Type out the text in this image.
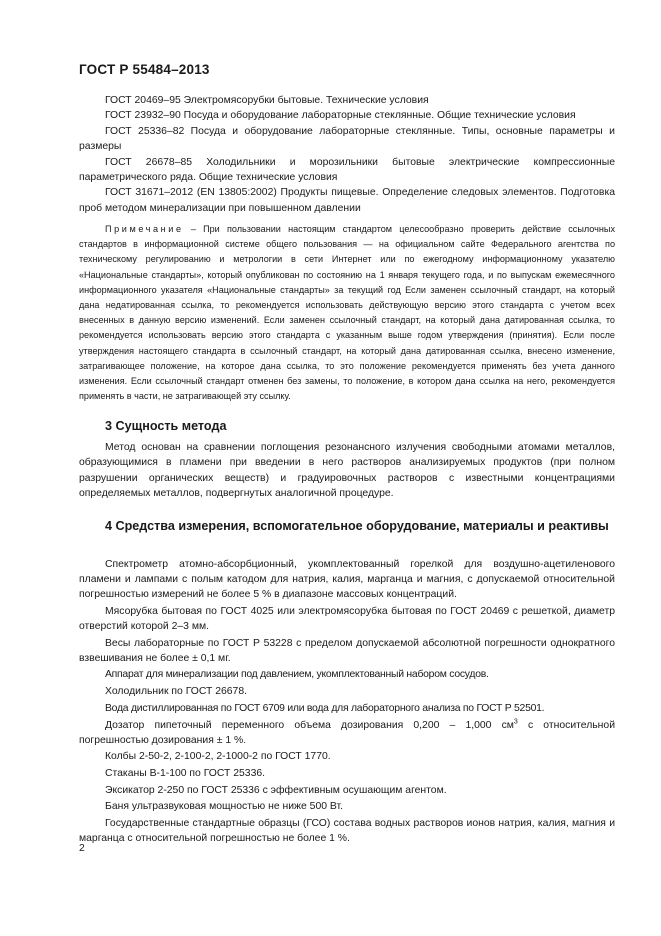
ГОСТ Р 55484–2013

ГОСТ 20469–95 Электромясорубки бытовые. Технические условия

ГОСТ 23932–90 Посуда и оборудование лабораторные стеклянные. Общие технические условия

ГОСТ 25336–82 Посуда и оборудование лабораторные стеклянные. Типы, основные параметры и размеры

ГОСТ 26678–85 Холодильники и морозильники бытовые электрические компрессионные параметрического ряда. Общие технические условия

ГОСТ 31671–2012 (EN 13805:2002) Продукты пищевые. Определение следовых элементов. Подготовка проб методом минерализации при повышенном давлении

Примечание – При пользовании настоящим стандартом целесообразно проверить действие ссылочных стандартов в информационной системе общего пользования — на официальном сайте Федерального агентства по техническому регулированию и метрологии в сети Интернет или по ежегодному информационному указателю «Национальные стандарты», который опубликован по состоянию на 1 января текущего года, и по выпускам ежемесячного информационного указателя «Национальные стандарты» за текущий год Если заменен ссылочный стандарт, на который дана недатированная ссылка, то рекомендуется использовать действующую версию этого стандарта с учетом всех внесенных в данную версию изменений. Если заменен ссылочный стандарт, на который дана датированная ссылка, то рекомендуется использовать версию этого стандарта с указанным выше годом утверждения (принятия). Если после утверждения настоящего стандарта в ссылочный стандарт, на который дана датированная ссылка, внесено изменение, затрагивающее положение, на которое дана ссылка, то это положение рекомендуется применять без учета данного изменения. Если ссылочный стандарт отменен без замены, то положение, в котором дана ссылка на него, рекомендуется применять в части, не затрагивающей эту ссылку.

3 Сущность метода

Метод основан на сравнении поглощения резонансного излучения свободными атомами металлов, образующимися в пламени при введении в него растворов анализируемых продуктов (при полном разрушении органических веществ) и градуировочных растворов с известными концентрациями определяемых металлов, подвергнутых аналогичной процедуре.

4 Средства измерения, вспомогательное оборудование, материалы и реактивы

Спектрометр атомно-абсорбционный, укомплектованный горелкой для воздушно-ацетиленового пламени и лампами с полым катодом для натрия, калия, марганца и магния, с допускаемой относительной погрешностью измерений не более 5 % в диапазоне массовых концентраций.

Мясорубка бытовая по ГОСТ 4025 или электромясорубка бытовая по ГОСТ 20469 с решеткой, диаметр отверстий которой 2–3 мм.

Весы лабораторные по ГОСТ Р 53228 с пределом допускаемой абсолютной погрешности однократного взвешивания не более ± 0,1 мг.

Аппарат для минерализации под давлением, укомплектованный набором сосудов.

Холодильник по ГОСТ 26678.

Вода дистиллированная по ГОСТ 6709 или вода для лабораторного анализа по ГОСТ Р 52501.

Дозатор пипеточный переменного объема дозирования 0,200 – 1,000 $см^3$ с относительной погрешностью дозирования ± 1 %.

Колбы 2-50-2, 2-100-2, 2-1000-2 по ГОСТ 1770.

Стаканы В-1-100 по ГОСТ 25336.

Эксикатор 2-250 по ГОСТ 25336 с эффективным осушающим агентом.

Баня ультразвуковая мощностью не ниже 500 Вт.

Государственные стандартные образцы (ГСО) состава водных растворов ионов натрия, калия, магния и марганца с относительной погрешностью не более 1 %.

2
